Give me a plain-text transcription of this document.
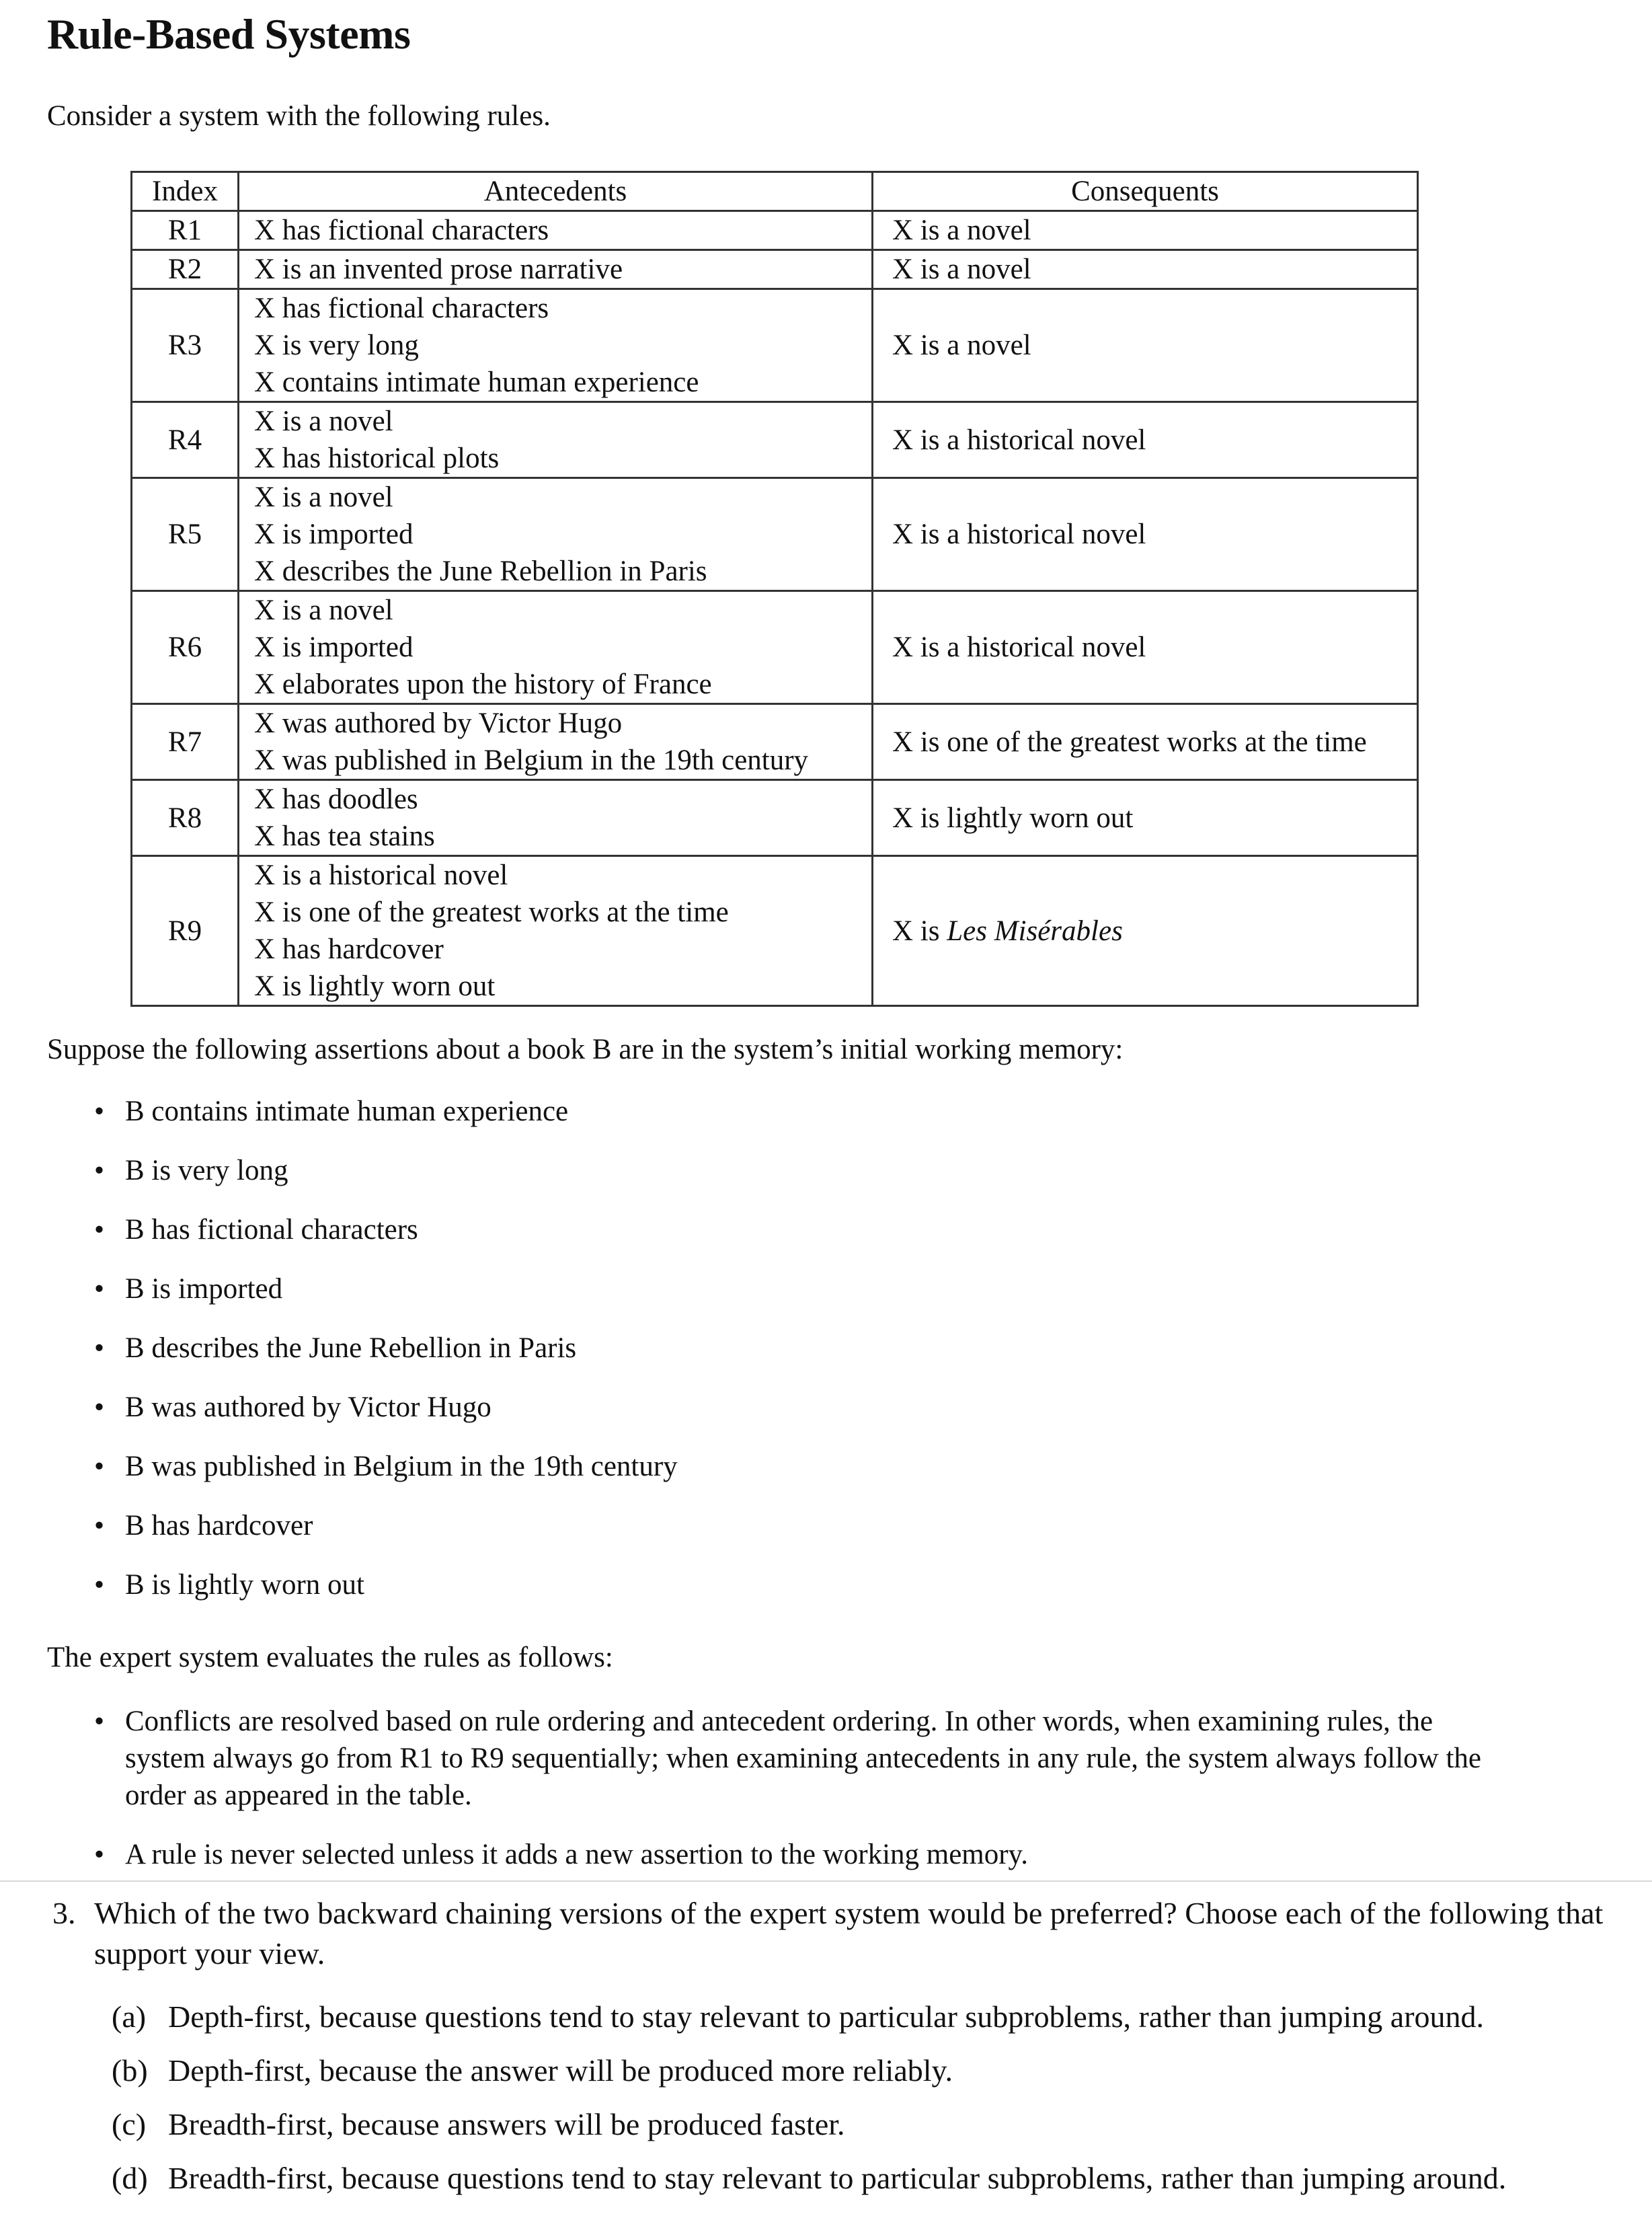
Rule-Based Systems
Consider a system with the following rules.
Index	Antecedents	Consequents
R1	X has fictional characters	X is a novel
R2	X is an invented prose narrative	X is a novel
R3	X has fictional characters
X is very long
X contains intimate human experience	X is a novel
R4	X is a novel
X has historical plots	X is a historical novel
R5	X is a novel
X is imported
X describes the June Rebellion in Paris	X is a historical novel
R6	X is a novel
X is imported
X elaborates upon the history of France	X is a historical novel
R7	X was authored by Victor Hugo
X was published in Belgium in the 19th century	X is one of the greatest works at the time
R8	X has doodles
X has tea stains	X is lightly worn out
R9	X is a historical novel
X is one of the greatest works at the time
X has hardcover
X is lightly worn out	X is Les Misérables
Suppose the following assertions about a book B are in the system’s initial working memory:
• B contains intimate human experience
• B is very long
• B has fictional characters
• B is imported
• B describes the June Rebellion in Paris
• B was authored by Victor Hugo
• B was published in Belgium in the 19th century
• B has hardcover
• B is lightly worn out
The expert system evaluates the rules as follows:
• Conflicts are resolved based on rule ordering and antecedent ordering. In other words, when examining rules, the system always go from R1 to R9 sequentially; when examining antecedents in any rule, the system always follow the order as appeared in the table.
• A rule is never selected unless it adds a new assertion to the working memory.
3. Which of the two backward chaining versions of the expert system would be preferred? Choose each of the following that support your view.
(a) Depth-first, because questions tend to stay relevant to particular subproblems, rather than jumping around.
(b) Depth-first, because the answer will be produced more reliably.
(c) Breadth-first, because answers will be produced faster.
(d) Breadth-first, because questions tend to stay relevant to particular subproblems, rather than jumping around.
